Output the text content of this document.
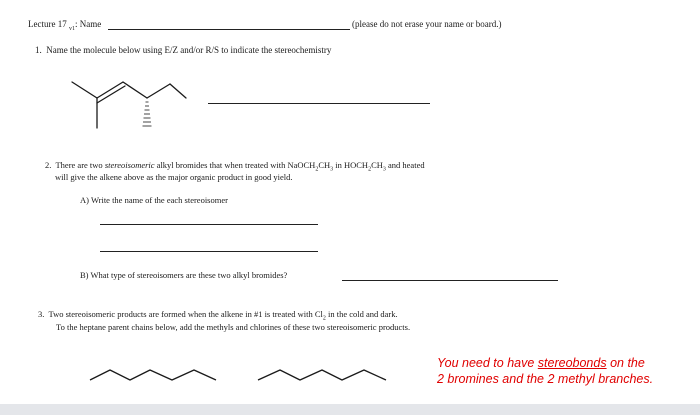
Lecture 17 $_{v1}$: Name	(please do not erase your name or board.)
1. Name the molecule below using E/Z and/or R/S to indicate the stereochemistry
2. There are two stereoisomeric alkyl bromides that when treated with $NaOCH_2CH_3$ in $HOCH_2CH_3$ and heated
will give the alkene above as the major organic product in good yield.
A) Write the name of the each stereoisomer
B) What type of stereoisomers are these two alkyl bromides?
3. Two stereoisomeric products are formed when the alkene in #1 is treated with $Cl_2$ in the cold and dark.
To the heptane parent chains below, add the methyls and chlorines of these two stereoisomeric products.
You need to have stereobonds on the
2 bromines and the 2 methyl branches.
